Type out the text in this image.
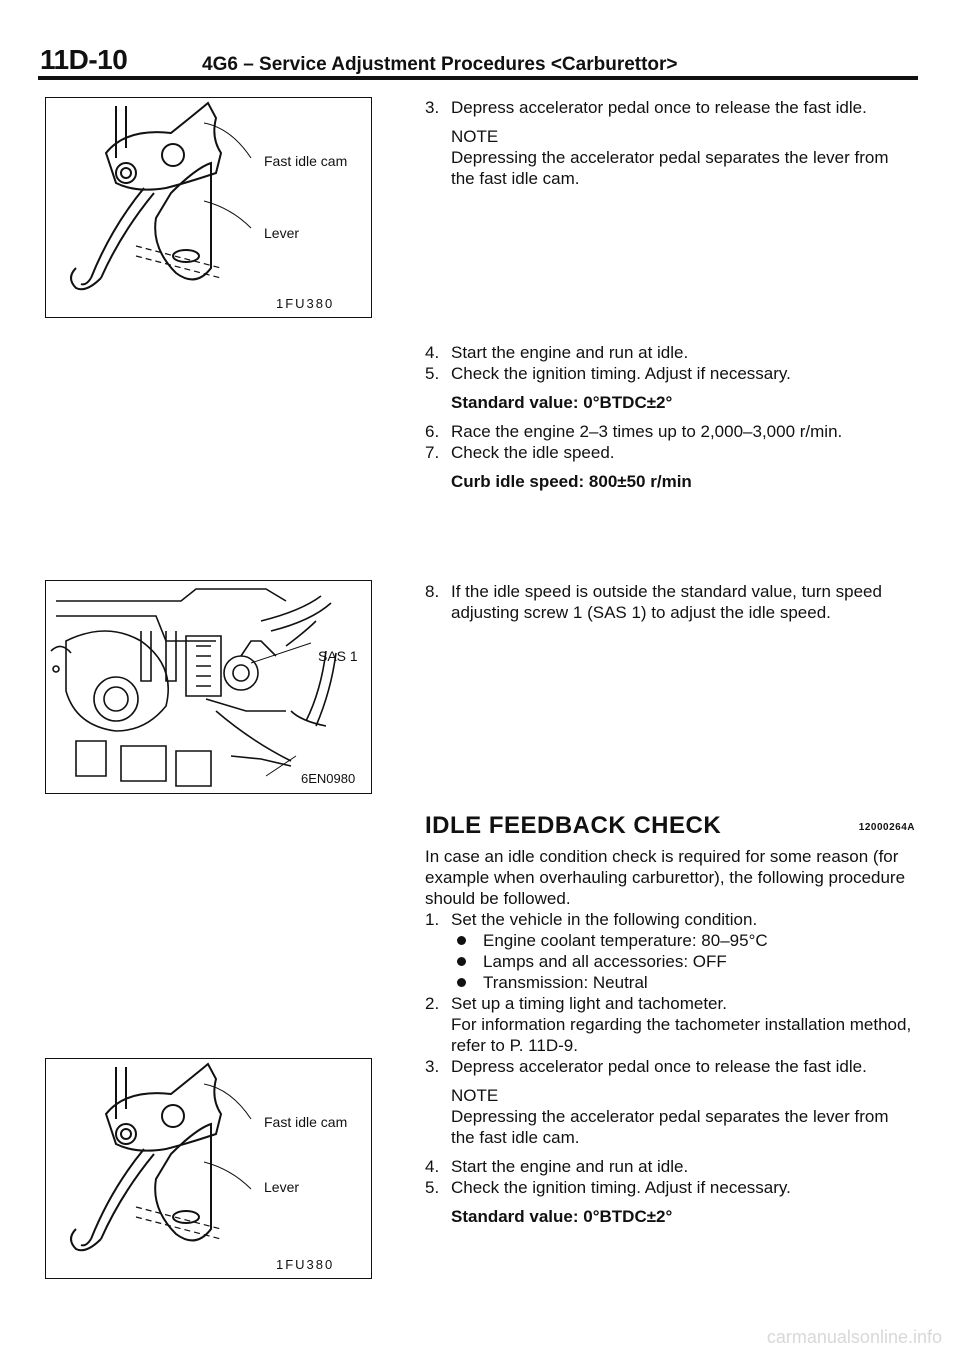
11D-10	4G6 – Service Adjustment Procedures <Carburettor>
Fast idle cam
Lever
1FU380
SAS 1
6EN0980
Fast idle cam
Lever
1FU380
3. Depress accelerator pedal once to release the fast idle.
NOTE
Depressing the accelerator pedal separates the lever from the fast idle cam.
4. Start the engine and run at idle.
5. Check the ignition timing. Adjust if necessary.
Standard value: 0°BTDC±2°
6. Race the engine 2–3 times up to 2,000–3,000 r/min.
7. Check the idle speed.
Curb idle speed: 800±50 r/min
8. If the idle speed is outside the standard value, turn speed adjusting screw 1 (SAS 1) to adjust the idle speed.
IDLE FEEDBACK CHECK	12000264A
In case an idle condition check is required for some reason (for example when overhauling carburettor), the following procedure should be followed.
1. Set the vehicle in the following condition.
Engine coolant temperature: 80–95°C
Lamps and all accessories: OFF
Transmission: Neutral
2. Set up a timing light and tachometer.
For information regarding the tachometer installation method, refer to P. 11D-9.
3. Depress accelerator pedal once to release the fast idle.
NOTE
Depressing the accelerator pedal separates the lever from the fast idle cam.
4. Start the engine and run at idle.
5. Check the ignition timing. Adjust if necessary.
Standard value: 0°BTDC±2°
carmanualsonline.info
